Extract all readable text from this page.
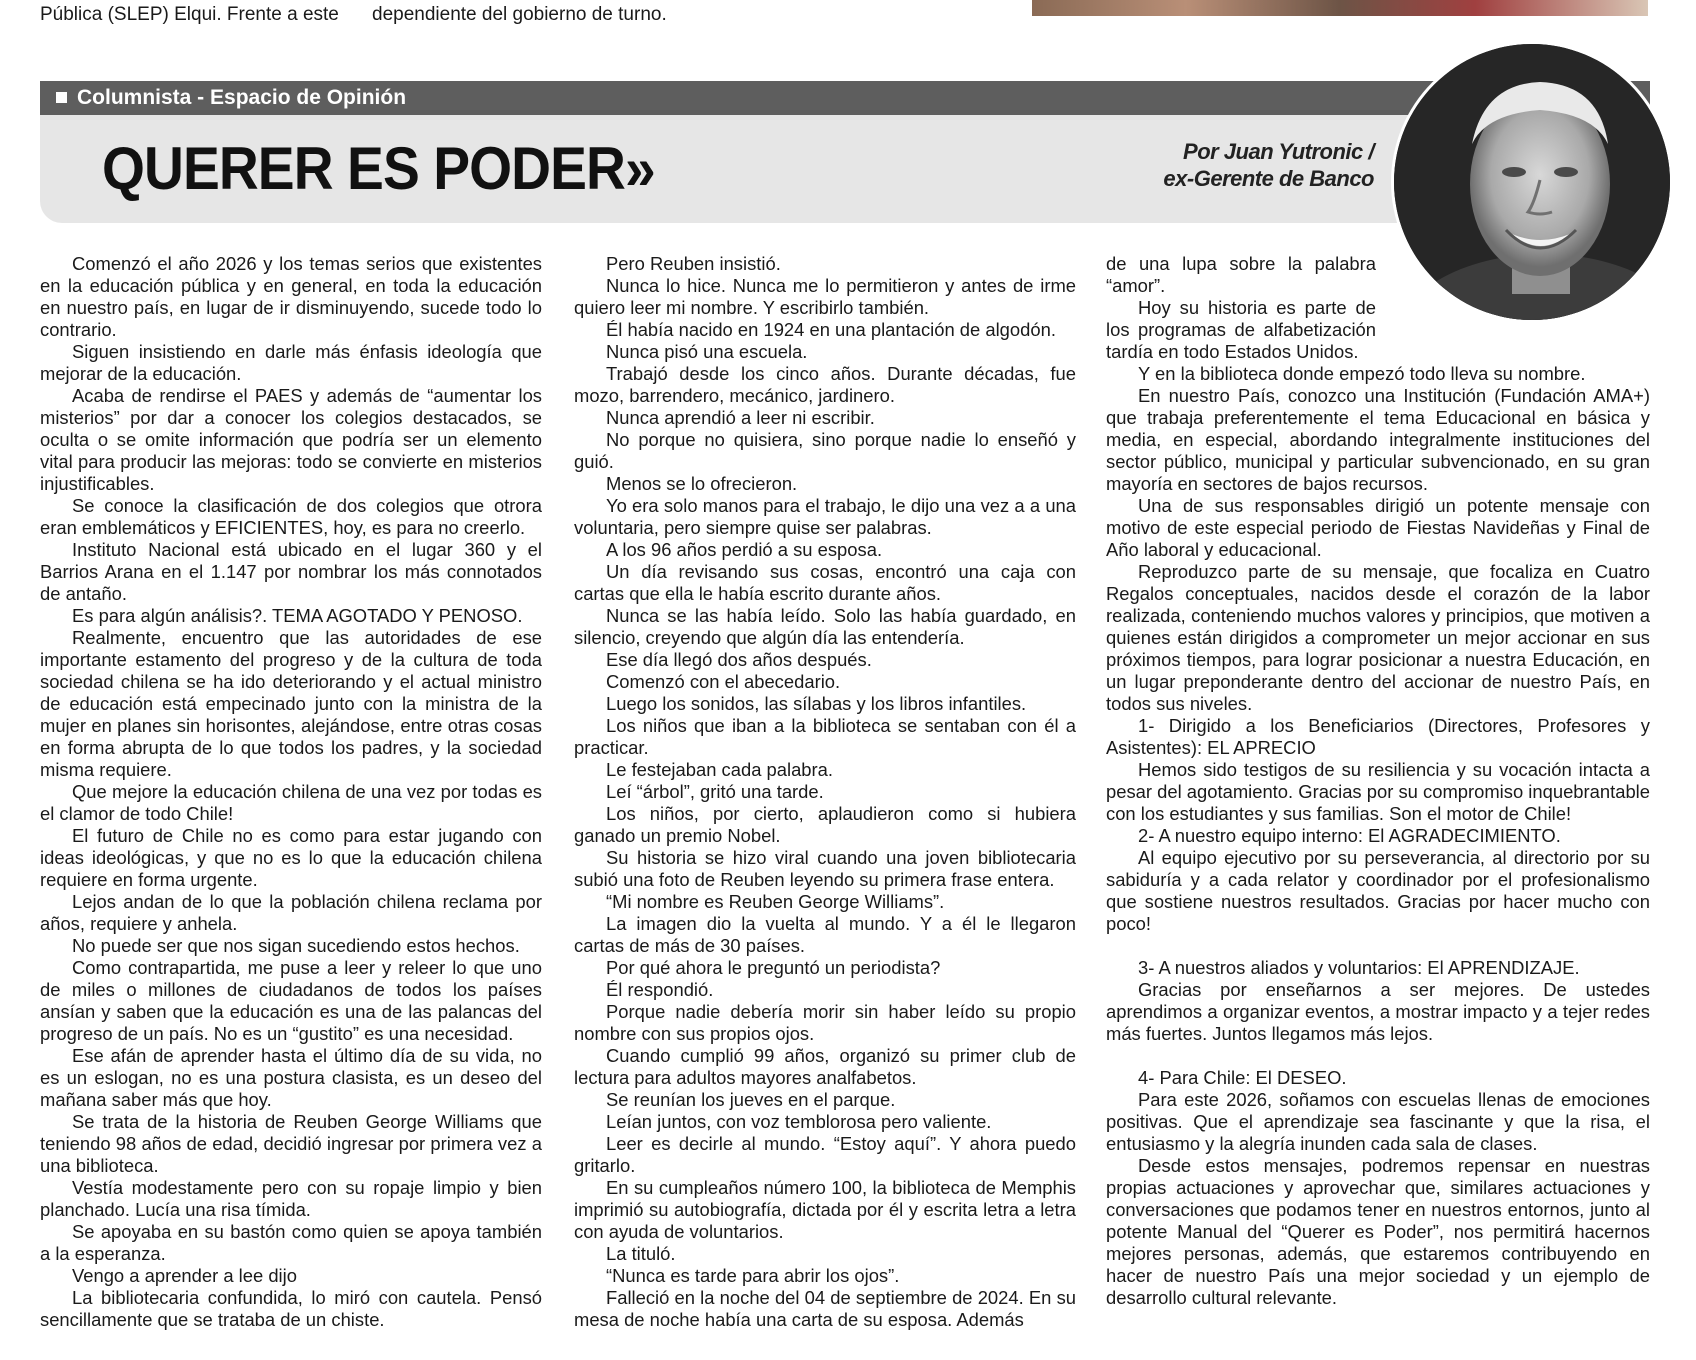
Pública (SLEP) Elqui. Frente a este dependiente del gobierno de turno.
Columnista - Espacio de Opinión
QUERER ES PODER»	Por Juan Yutronic /
ex-Gerente de Banco

Comenzó el año 2026 y los temas serios que existentes en la educación pública y en general, en toda la educación en nuestro país, en lugar de ir disminuyendo, sucede todo lo contrario.

Siguen insistiendo en darle más énfasis ideología que mejorar de la educación.

Acaba de rendirse el PAES y además de “aumentar los misterios” por dar a conocer los colegios destacados, se oculta o se omite información que podría ser un elemento vital para producir las mejoras: todo se convierte en misterios injustificables.

Se conoce la clasificación de dos colegios que otrora eran emblemáticos y EFICIENTES, hoy, es para no creerlo.

Instituto Nacional está ubicado en el lugar 360 y el Barrios Arana en el 1.147 por nombrar los más connotados de antaño.

Es para algún análisis?. TEMA AGOTADO Y PENOSO.

Realmente, encuentro que las autoridades de ese importante estamento del progreso y de la cultura de toda sociedad chilena se ha ido deteriorando y el actual ministro de educación está empecinado junto con la ministra de la mujer en planes sin horisontes, alejándose, entre otras cosas en forma abrupta de lo que todos los padres, y la sociedad misma requiere.

Que mejore la educación chilena de una vez por todas es el clamor de todo Chile!

El futuro de Chile no es como para estar jugando con ideas ideológicas, y que no es lo que la educación chilena requiere en forma urgente.

Lejos andan de lo que la población chilena reclama por años, requiere y anhela.

No puede ser que nos sigan sucediendo estos hechos.

Como contrapartida, me puse a leer y releer lo que uno de miles o millones de ciudadanos de todos los países ansían y saben que la educación es una de las palancas del progreso de un país. No es un “gustito” es una necesidad.

Ese afán de aprender hasta el último día de su vida, no es un eslogan, no es una postura clasista, es un deseo del mañana saber más que hoy.

Se trata de la historia de Reuben George Williams que teniendo 98 años de edad, decidió ingresar por primera vez a una biblioteca.

Vestía modestamente pero con su ropaje limpio y bien planchado. Lucía una risa tímida.

Se apoyaba en su bastón como quien se apoya también a la esperanza.

Vengo a aprender a lee dijo

La bibliotecaria confundida, lo miró con cautela. Pensó sencillamente que se trataba de un chiste.

Pero Reuben insistió.

Nunca lo hice. Nunca me lo permitieron y antes de irme quiero leer mi nombre. Y escribirlo también.

Él había nacido en 1924 en una plantación de algodón.

Nunca pisó una escuela.

Trabajó desde los cinco años. Durante décadas, fue mozo, barrendero, mecánico, jardinero.

Nunca aprendió a leer ni escribir.

No porque no quisiera, sino porque nadie lo enseñó y guió.

Menos se lo ofrecieron.

Yo era solo manos para el trabajo, le dijo una vez a a una voluntaria, pero siempre quise ser palabras.

A los 96 años perdió a su esposa.

Un día revisando sus cosas, encontró una caja con cartas que ella le había escrito durante años.

Nunca se las había leído. Solo las había guardado, en silencio, creyendo que algún día las entendería.

Ese día llegó dos años después.

Comenzó con el abecedario.

Luego los sonidos, las sílabas y los libros infantiles.

Los niños que iban a la biblioteca se sentaban con él a practicar.

Le festejaban cada palabra.

Leí “árbol”, gritó una tarde.

Los niños, por cierto, aplaudieron como si hubiera ganado un premio Nobel.

Su historia se hizo viral cuando una joven bibliotecaria subió una foto de Reuben leyendo su primera frase entera.

“Mi nombre es Reuben George Williams”.

La imagen dio la vuelta al mundo. Y a él le llegaron cartas de más de 30 países.

Por qué ahora le preguntó un periodista?

Él respondió.

Porque nadie debería morir sin haber leído su propio nombre con sus propios ojos.

Cuando cumplió 99 años, organizó su primer club de lectura para adultos mayores analfabetos.

Se reunían los jueves en el parque.

Leían juntos, con voz temblorosa pero valiente.

Leer es decirle al mundo. “Estoy aquí”. Y ahora puedo gritarlo.

En su cumpleaños número 100, la biblioteca de Memphis imprimió su autobiografía, dictada por él y escrita letra a letra con ayuda de voluntarios.

La tituló.

“Nunca es tarde para abrir los ojos”.

Falleció en la noche del 04 de septiembre de 2024. En su mesa de noche había una carta de su esposa. Además

de una lupa sobre la palabra “amor”.

Hoy su historia es parte de los programas de alfabetización tardía en todo Estados Unidos.

Y en la biblioteca donde empezó todo lleva su nombre.

En nuestro País, conozco una Institución (Fundación AMA+) que trabaja preferentemente el tema Educacional en básica y media, en especial, abordando integralmente instituciones del sector público, municipal y particular subvencionado, en su gran mayoría en sectores de bajos recursos.

Una de sus responsables dirigió un potente mensaje con motivo de este especial periodo de Fiestas Navideñas y Final de Año laboral y educacional.

Reproduzco parte de su mensaje, que focaliza en Cuatro Regalos conceptuales, nacidos desde el corazón de la labor realizada, conteniendo muchos valores y principios, que motiven a quienes están dirigidos a comprometer un mejor accionar en sus próximos tiempos, para lograr posicionar a nuestra Educación, en un lugar preponderante dentro del accionar de nuestro País, en todos sus niveles.

1- Dirigido a los Beneficiarios (Directores, Profesores y Asistentes): EL APRECIO

Hemos sido testigos de su resiliencia y su vocación intacta a pesar del agotamiento. Gracias por su compromiso inquebrantable con los estudiantes y sus familias. Son el motor de Chile!

2- A nuestro equipo interno: El AGRADECIMIENTO.

Al equipo ejecutivo por su perseverancia, al directorio por su sabiduría y a cada relator y coordinador por el profesionalismo que sostiene nuestros resultados. Gracias por hacer mucho con poco!

3- A nuestros aliados y voluntarios: El APRENDIZAJE.

Gracias por enseñarnos a ser mejores. De ustedes aprendimos a organizar eventos, a mostrar impacto y a tejer redes más fuertes. Juntos llegamos más lejos.

4- Para Chile: El DESEO.

Para este 2026, soñamos con escuelas llenas de emociones positivas. Que el aprendizaje sea fascinante y que la risa, el entusiasmo y la alegría inunden cada sala de clases.

Desde estos mensajes, podremos repensar en nuestras propias actuaciones y aprovechar que, similares actuaciones y conversaciones que podamos tener en nuestros entornos, junto al potente Manual del “Querer es Poder”, nos permitirá hacernos mejores personas, además, que estaremos contribuyendo en hacer de nuestro País una mejor sociedad y un ejemplo de desarrollo cultural relevante.
